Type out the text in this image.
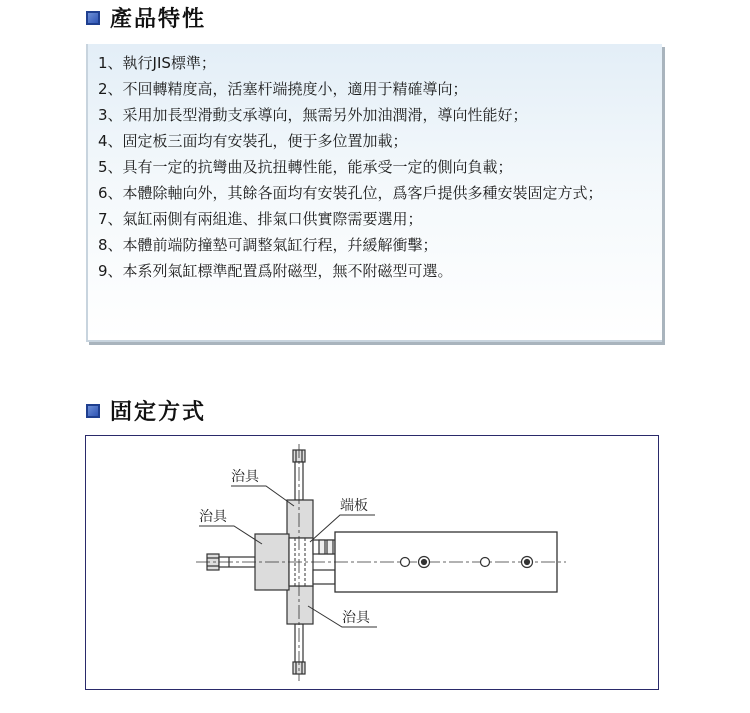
產品特性
1、 執行JIS標準；
2、 不回轉精度高，活塞杆端撓度小，適用于精確導向；
3、 采用加長型滑動支承導向，無需另外加油潤滑，導向性能好；
4、 固定板三面均有安裝孔，便于多位置加載；
5、 具有一定的抗彎曲及抗扭轉性能，能承受一定的側向負載；
6、 本體除軸向外，其餘各面均有安裝孔位，爲客戶提供多種安裝固定方式；
7、 氣缸兩側有兩組進、排氣口供實際需要選用；
8、 本體前端防撞墊可調整氣缸行程，幷緩解衝擊；
9、 本系列氣缸標準配置爲附磁型，無不附磁型可選。
固定方式
治具
治具
端板
治具
